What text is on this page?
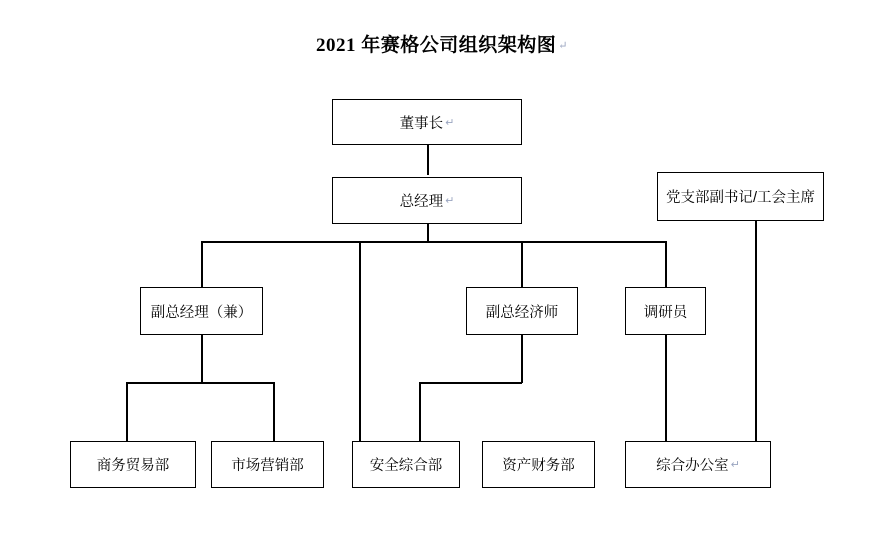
2021 年赛格公司组织架构图 ↵
董事长 ↵
总经理 ↵	党支部副书记/工会主席
副总经理（兼）	副总经济师	调研员
商务贸易部	市场营销部	安全综合部	资产财务部	综合办公室 ↵
